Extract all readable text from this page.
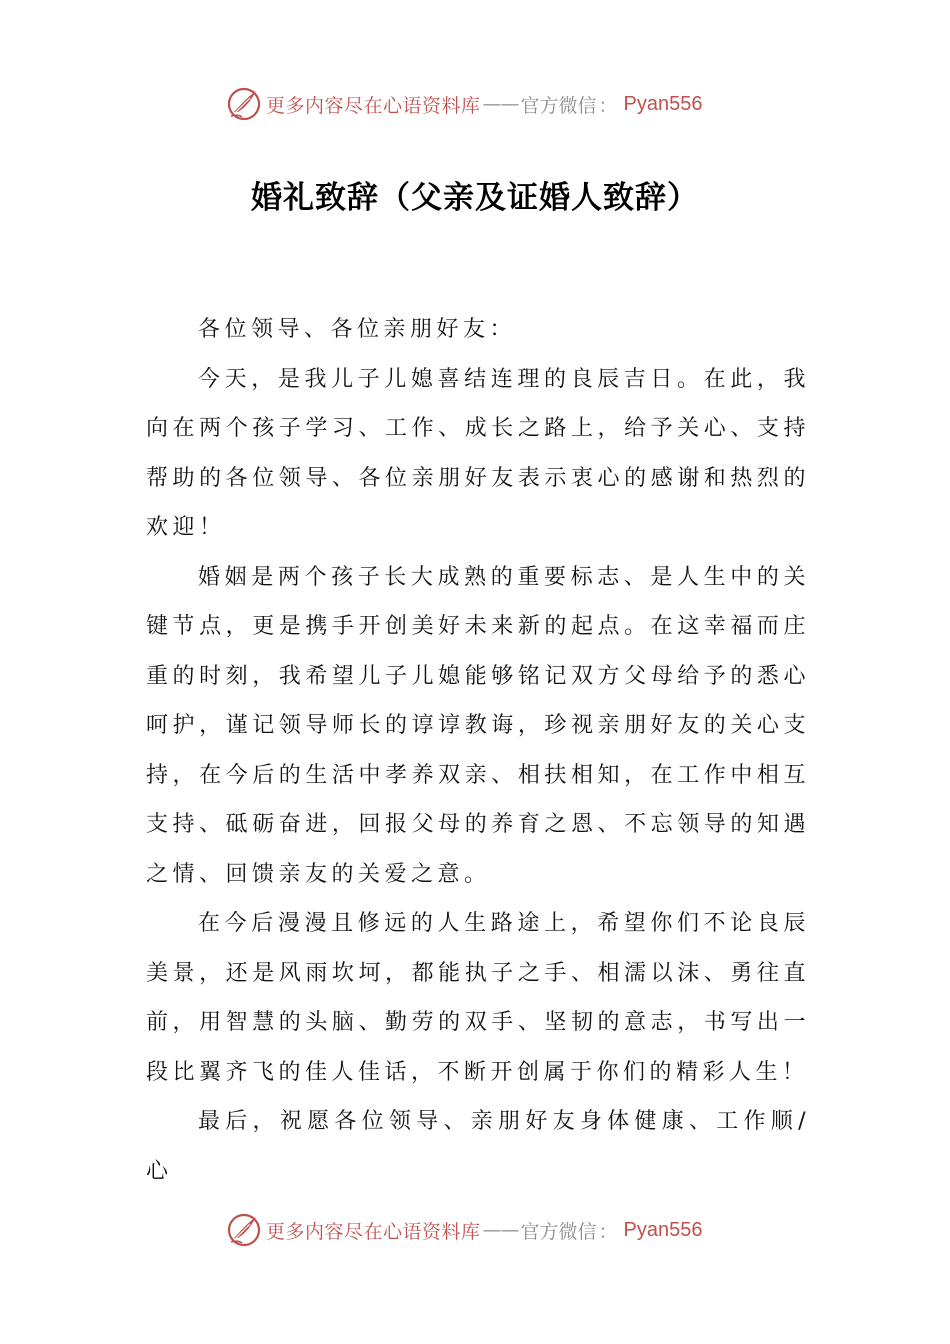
更多内容尽在心语资料库 —— 官方微信 ： Pyan556
婚礼致辞（父亲及证婚人致辞）

各位领导、各位亲朋好友：

今天，是我儿子儿媳喜结连理的良辰吉日。在此，我向在两个孩子学习、工作、成长之路上，给予关心、支持帮助的各位领导、各位亲朋好友表示衷心的感谢和热烈的欢迎！

婚姻是两个孩子长大成熟的重要标志、是人生中的关键节点，更是携手开创美好未来新的起点。在这幸福而庄重的时刻，我希望儿子儿媳能够铭记双方父母给予的悉心呵护，谨记领导师长的谆谆教诲，珍视亲朋好友的关心支持，在今后的生活中孝养双亲、相扶相知，在工作中相互支持、砥砺奋进，回报父母的养育之恩、不忘领导的知遇之情、回馈亲友的关爱之意。

在今后漫漫且修远的人生路途上，希望你们不论良辰美景，还是风雨坎坷，都能执子之手、相濡以沫、勇往直前，用智慧的头脑、勤劳的双手、坚韧的意志，书写出一段比翼齐飞的佳人佳话，不断开创属于你们的精彩人生！

最后，祝愿各位领导、亲朋好友身体健康、工作顺/心

更多内容尽在心语资料库 —— 官方微信 ： Pyan556
